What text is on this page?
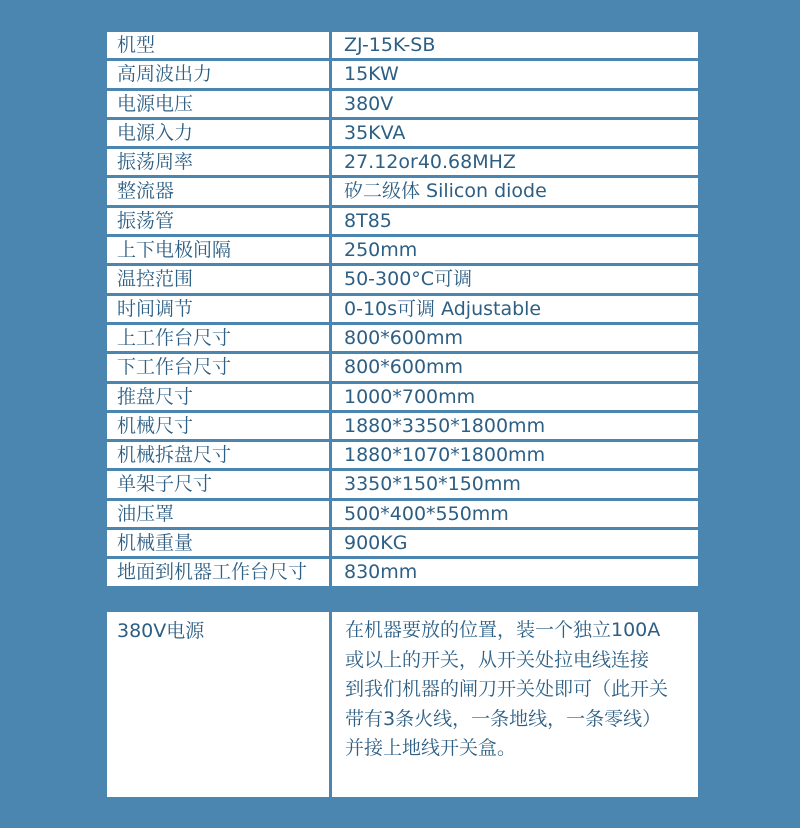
机型	ZJ-15K-SB
高周波出力	15KW
电源电压	380V
电源入力	35KVA
振荡周率	27.12or40.68MHZ
整流器	矽二级体 Silicon diode
振荡管	8T85
上下电极间隔	250mm
温控范围	50-300°C可调
时间调节	0-10s可调 Adjustable
上工作台尺寸	800*600mm
下工作台尺寸	800*600mm
推盘尺寸	1000*700mm
机械尺寸	1880*3350*1800mm
机械拆盘尺寸	1880*1070*1800mm
单架子尺寸	3350*150*150mm
油压罩	500*400*550mm
机械重量	900KG
地面到机器工作台尺寸	830mm
380V电源	在机器要放的位置，装一个独立100A
或以上的开关，从开关处拉电线连接
到我们机器的闸刀开关处即可（此开关
带有3条火线，一条地线，一条零线）
并接上地线开关盒。
